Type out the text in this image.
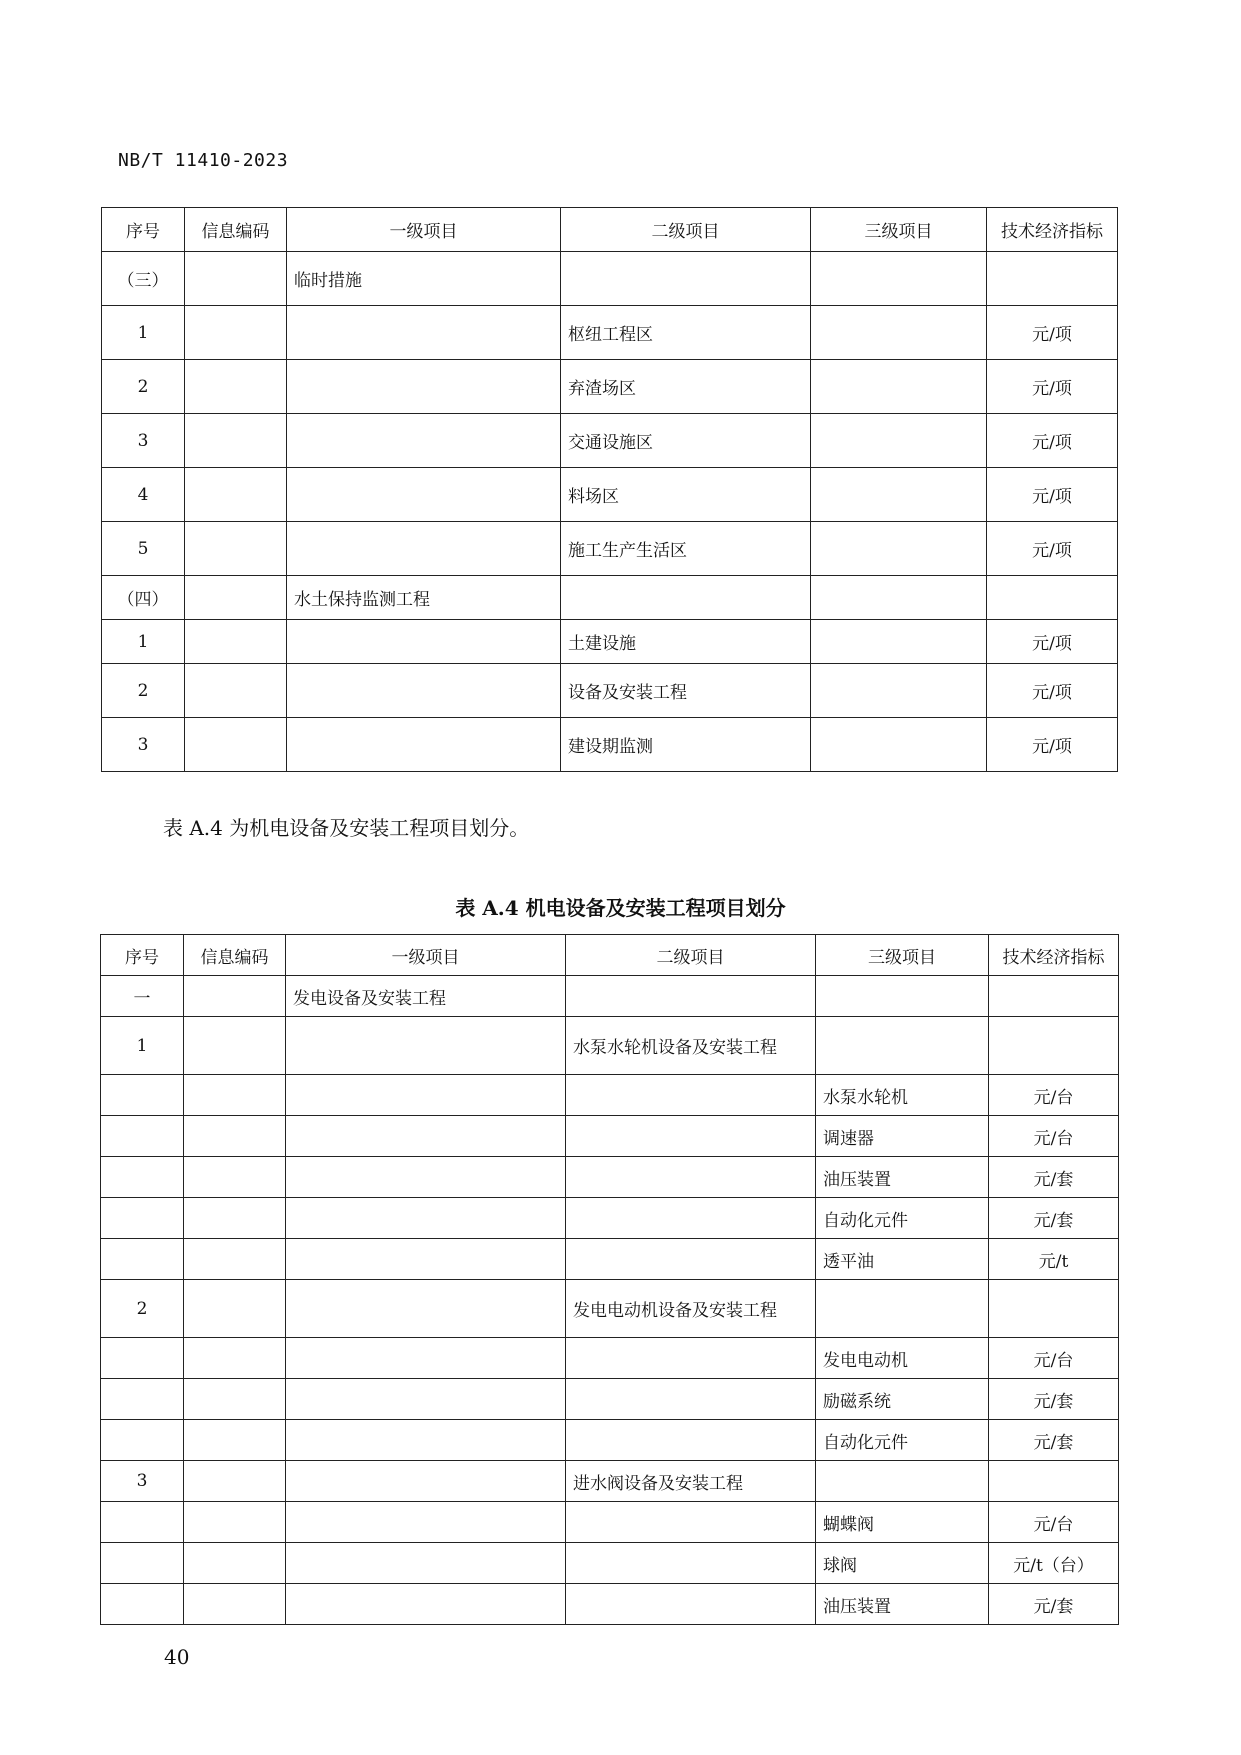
NB/T 11410-2023
序号	信息编码	一级项目	二级项目	三级项目	技术经济指标
（三）		临时措施			
1			枢纽工程区		元/项
2			弃渣场区		元/项
3			交通设施区		元/项
4			料场区		元/项
5			施工生产生活区		元/项
（四）		水土保持监测工程			
1			土建设施		元/项
2			设备及安装工程		元/项
3			建设期监测		元/项
表 A.4 为机电设备及安装工程项目划分。
表 A.4 机电设备及安装工程项目划分
序号	信息编码	一级项目	二级项目	三级项目	技术经济指标
一		发电设备及安装工程			
1			水泵水轮机设备及安装工程		
				水泵水轮机	元/台
				调速器	元/台
				油压装置	元/套
				自动化元件	元/套
				透平油	元/t
2			发电电动机设备及安装工程		
				发电电动机	元/台
				励磁系统	元/套
				自动化元件	元/套
3			进水阀设备及安装工程		
				蝴蝶阀	元/台
				球阀	元/t（台）
				油压装置	元/套
40
